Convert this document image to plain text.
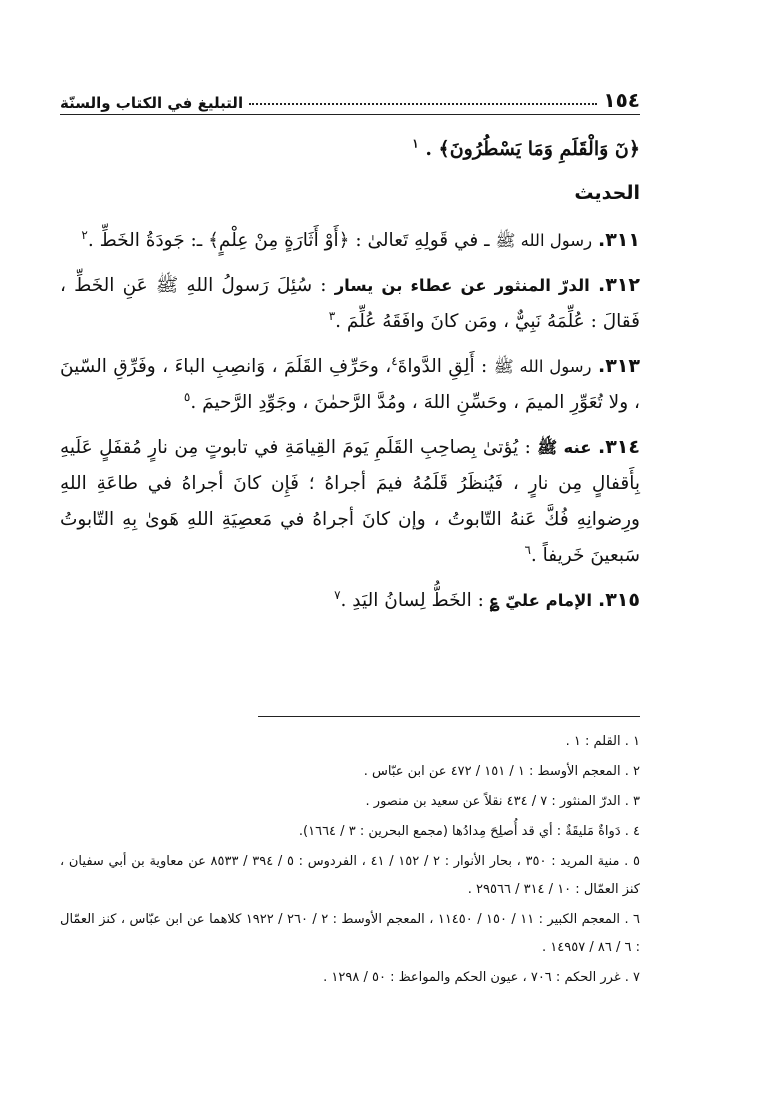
١٥٤
التبليغ في الكتاب والسنّة

﴿نٓ وَالْقَلَمِ وَمَا يَسْطُرُونَ﴾ . $^١$

الحديث

٣١١. رسول الله ﷺ ـ في قَولِهِ تَعالىٰ : ﴿أَوْ أَثَارَةٍ مِنْ عِلْمٍ﴾ ـ: جَودَةُ الخَطِّ .$^٢$

٣١٢. الدرّ المنثور عن عطاء بن يسار : سُئِلَ رَسولُ اللهِ ﷺ عَنِ الخَطِّ ، فَقالَ : عُلِّمَهُ نَبِيٌّ ، ومَن كانَ وافَقَهُ عُلِّمَ .$^٣$

٣١٣. رسول الله ﷺ : أَلِقِ الدَّواةَ$^٤$، وحَرِّفِ القَلَمَ ، وَانصِبِ الباءَ ، وفَرِّقِ السّينَ ، ولا تُعَوِّرِ الميمَ ، وحَسِّنِ اللهَ ، ومُدَّ الرَّحمٰنَ ، وجَوِّدِ الرَّحيمَ .$^٥$

٣١٤. عنه ﷺ : يُؤتىٰ بِصاحِبِ القَلَمِ يَومَ القِيامَةِ في تابوتٍ مِن نارٍ مُقفَلٍ عَلَيهِ بِأَقفالٍ مِن نارٍ ، فَيُنظَرُ قَلَمُهُ فيمَ أجراهُ ؛ فَإِن كانَ أجراهُ في طاعَةِ اللهِ ورِضوانِهِ فُكَّ عَنهُ التّابوتُ ، وإن كانَ أجراهُ في مَعصِيَةِ اللهِ هَوىٰ بِهِ التّابوتُ سَبعينَ خَريفاً .$^٦$

٣١٥. الإمام عليّ ؏ : الخَطُّ لِسانُ اليَدِ .$^٧$

١ . القلم : ١ .

٢ . المعجم الأوسط : ١ / ١٥١ / ٤٧٢ عن ابن عبّاس .

٣ . الدرّ المنثور : ٧ / ٤٣٤ نقلاً عن سعيد بن منصور .

٤ . دَواةٌ مَليقَةٌ : أي قد أُصلِحَ مِدادُها (مجمع البحرين : ٣ / ١٦٦٤).

٥ . منية المريد : ٣٥٠ ، بحار الأنوار : ٢ / ١٥٢ / ٤١ ، الفردوس : ٥ / ٣٩٤ / ٨٥٣٣ عن معاوية بن أبي سفيان ، كنز العمّال : ١٠ / ٣١٤ / ٢٩٥٦٦ .

٦ . المعجم الكبير : ١١ / ١٥٠ / ١١٤٥٠ ، المعجم الأوسط : ٢ / ٢٦٠ / ١٩٢٢ كلاهما عن ابن عبّاس ، كنز العمّال : ٦ / ٨٦ / ١٤٩٥٧ .

٧ . غرر الحكم : ٧٠٦ ، عيون الحكم والمواعظ : ٥٠ / ١٢٩٨ .
